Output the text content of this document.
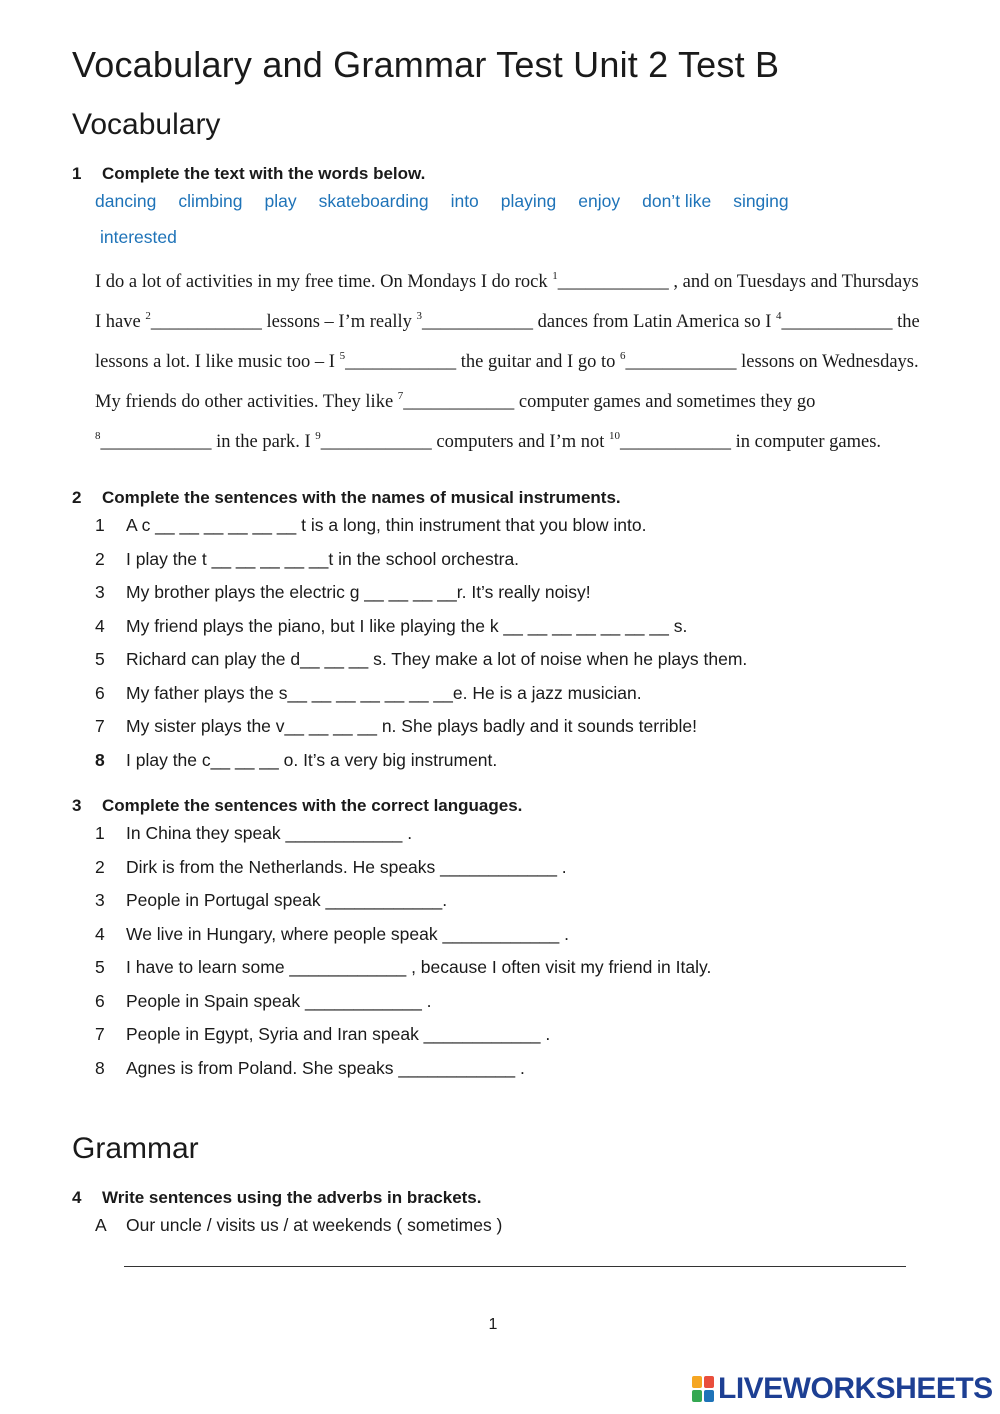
Vocabulary and Grammar Test Unit 2 Test B
Vocabulary
1 Complete the text with the words below.
dancing climbing play skateboarding into playing enjoy don’t like singing
interested
I do a lot of activities in my free time. On Mondays I do rock $^1$____________ , and on Tuesdays and Thursdays I have $^2$____________ lessons – I’m really $^3$____________ dances from Latin America so I $^4$____________ the lessons a lot. I like music too – I $^5$____________ the guitar and I go to $^6$____________ lessons on Wednesdays. My friends do other activities. They like $^7$____________ computer games and sometimes they go $^8$____________ in the park. I $^9$____________ computers and I’m not $^{10}$____________ in computer games.
2 Complete the sentences with the names of musical instruments.
1 A c __ __ __ __ __ __ t is a long, thin instrument that you blow into.
2 I play the t __ __ __ __ __t in the school orchestra.
3 My brother plays the electric g __ __ __ __r. It’s really noisy!
4 My friend plays the piano, but I like playing the k __ __ __ __ __ __ __ s.
5 Richard can play the d__ __ __ s. They make a lot of noise when he plays them.
6 My father plays the s__ __ __ __ __ __ __e. He is a jazz musician.
7 My sister plays the v__ __ __ __ n. She plays badly and it sounds terrible!
8 I play the c__ __ __ o. It’s a very big instrument.
3 Complete the sentences with the correct languages.
1 In China they speak ____________ .
2 Dirk is from the Netherlands. He speaks ____________ .
3 People in Portugal speak ____________.
4 We live in Hungary, where people speak ____________ .
5 I have to learn some ____________ , because I often visit my friend in Italy.
6 People in Spain speak ____________ .
7 People in Egypt, Syria and Iran speak ____________ .
8 Agnes is from Poland. She speaks ____________ .
Grammar
4 Write sentences using the adverbs in brackets.
A Our uncle / visits us / at weekends ( sometimes )
1
LIVEWORKSHEETS
